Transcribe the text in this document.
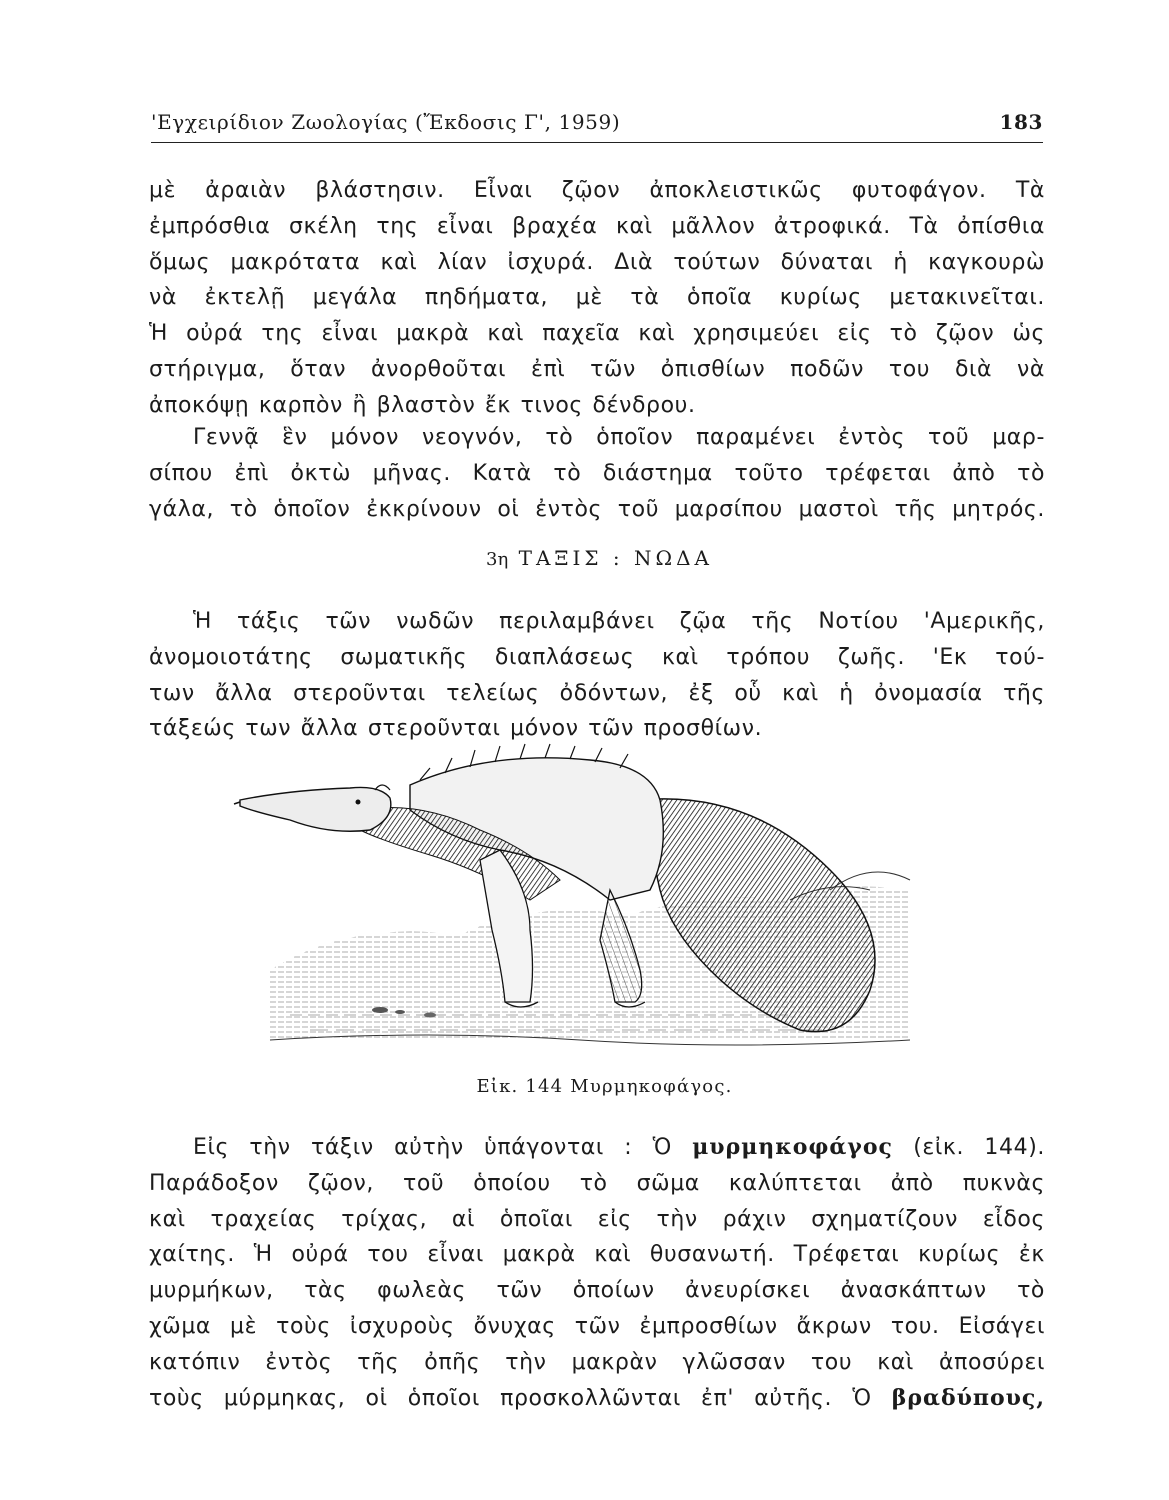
'Εγχειρίδιον Ζωολογίας (Ἔκδοσις Γ', 1959)	183
μὲ ἀραιὰν βλάστησιν. Εἶναι ζῷον ἀποκλειστικῶς φυτοφάγον. Τὰ
ἐμπρόσθια σκέλη της εἶναι βραχέα καὶ μᾶλλον ἀτροφικά. Τὰ ὀπίσθια
ὅμως μακρότατα καὶ λίαν ἰσχυρά. Διὰ τούτων δύναται ἡ καγκουρὼ
νὰ ἐκτελῇ μεγάλα πηδήματα, μὲ τὰ ὁποῖα κυρίως μετακινεῖται.
Ἡ οὐρά της εἶναι μακρὰ καὶ παχεῖα καὶ χρησιμεύει εἰς τὸ ζῷον ὡς
στήριγμα, ὅταν ἀνορθοῦται ἐπὶ τῶν ὀπισθίων ποδῶν του διὰ νὰ
ἀποκόψῃ καρπὸν ἢ βλαστὸν ἔκ τινος δένδρου.
Γεννᾷ ἓν μόνον νεογνόν, τὸ ὁποῖον παραμένει ἐντὸς τοῦ μαρ-
σίπου ἐπὶ ὀκτὼ μῆνας. Κατὰ τὸ διάστημα τοῦτο τρέφεται ἀπὸ τὸ
γάλα, τὸ ὁποῖον ἐκκρίνουν οἱ ἐντὸς τοῦ μαρσίπου μαστοὶ τῆς μητρός.
3η ΤΑΞΙΣ : ΝΩΔΑ
Ἡ τάξις τῶν νωδῶν περιλαμβάνει ζῷα τῆς Νοτίου 'Αμερικῆς,
ἀνομοιοτάτης σωματικῆς διαπλάσεως καὶ τρόπου ζωῆς. 'Εκ τού-
των ἄλλα στεροῦνται τελείως ὀδόντων, ἐξ οὗ καὶ ἡ ὀνομασία τῆς
τάξεώς των ἄλλα στεροῦνται μόνον τῶν προσθίων.
Εἰκ. 144 Μυρμηκοφάγος.
Εἰς τὴν τάξιν αὐτὴν ὑπάγονται : Ὁ μυρμηκοφάγος (εἰκ. 144).
Παράδοξον ζῷον, τοῦ ὁποίου τὸ σῶμα καλύπτεται ἀπὸ πυκνὰς
καὶ τραχείας τρίχας, αἱ ὁποῖαι εἰς τὴν ράχιν σχηματίζουν εἶδος
χαίτης. Ἡ οὐρά του εἶναι μακρὰ καὶ θυσανωτή. Τρέφεται κυρίως ἐκ
μυρμήκων, τὰς φωλεὰς τῶν ὁποίων ἀνευρίσκει ἀνασκάπτων τὸ
χῶμα μὲ τοὺς ἰσχυροὺς ὄνυχας τῶν ἐμπροσθίων ἄκρων του. Εἰσάγει
κατόπιν ἐντὸς τῆς ὀπῆς τὴν μακρὰν γλῶσσαν του καὶ ἀποσύρει
τοὺς μύρμηκας, οἱ ὁποῖοι προσκολλῶνται ἐπ' αὐτῆς. Ὁ βραδύπους,
